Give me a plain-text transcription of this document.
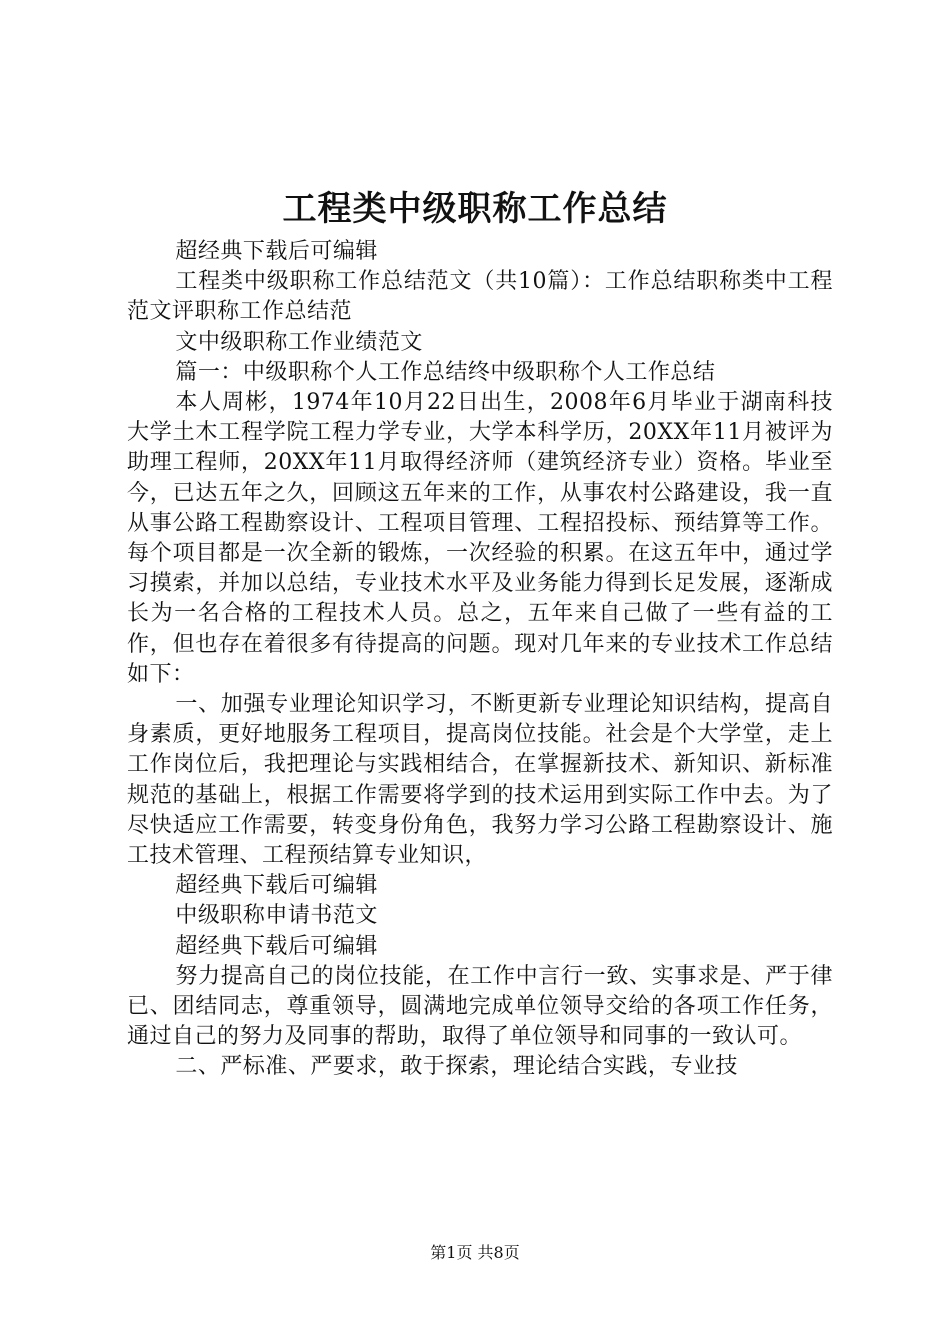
工程类中级职称工作总结

超经典下载后可编辑

工程类中级职称工作总结范文（共10篇）：工作总结职称类中工程范文评职称工作总结范

文中级职称工作业绩范文

篇一：中级职称个人工作总结终中级职称个人工作总结

本人周彬，1974年10月22日出生，2008年6月毕业于湖南科技大学土木工程学院工程力学专业，大学本科学历，20XX年11月被评为助理工程师，20XX年11月取得经济师（建筑经济专业）资格。毕业至今，已达五年之久，回顾这五年来的工作，从事农村公路建设，我一直从事公路工程勘察设计、工程项目管理、工程招投标、预结算等工作。每个项目都是一次全新的锻炼，一次经验的积累。在这五年中，通过学习摸索，并加以总结，专业技术水平及业务能力得到长足发展，逐渐成长为一名合格的工程技术人员。总之，五年来自己做了一些有益的工作，但也存在着很多有待提高的问题。现对几年来的专业技术工作总结如下：

一、加强专业理论知识学习，不断更新专业理论知识结构，提高自身素质，更好地服务工程项目，提高岗位技能。社会是个大学堂，走上工作岗位后，我把理论与实践相结合，在掌握新技术、新知识、新标准规范的基础上，根据工作需要将学到的技术运用到实际工作中去。为了尽快适应工作需要，转变身份角色，我努力学习公路工程勘察设计、施工技术管理、工程预结算专业知识，

超经典下载后可编辑

中级职称申请书范文

超经典下载后可编辑

努力提高自己的岗位技能，在工作中言行一致、实事求是、严于律已、团结同志，尊重领导，圆满地完成单位领导交给的各项工作任务，通过自己的努力及同事的帮助，取得了单位领导和同事的一致认可。

二、严标准、严要求，敢于探索，理论结合实践，专业技

第1页 共8页
